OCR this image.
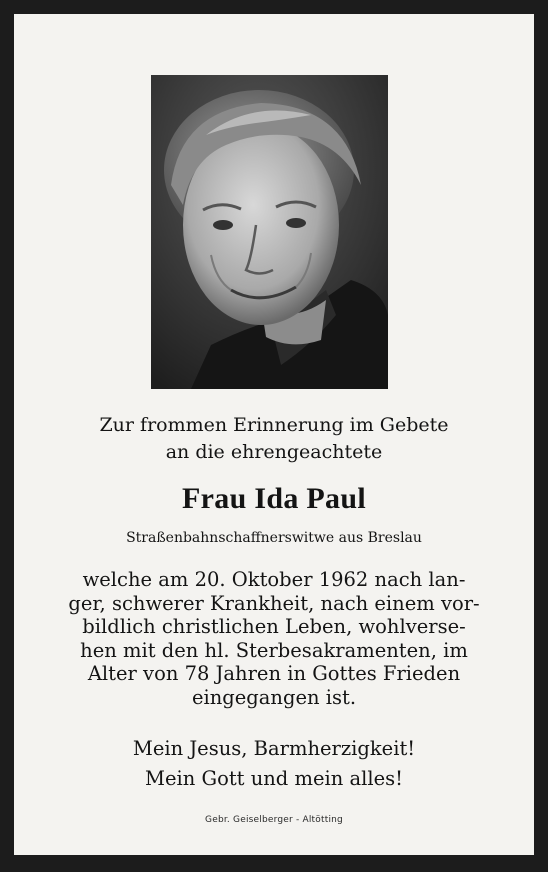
Zur frommen Erinnerung im Gebete
an die ehrengeachtete
Frau Ida Paul
Straßenbahnschaffnerswitwe aus Breslau
welche am 20. Oktober 1962 nach lan-
ger, schwerer Krankheit, nach einem vor-
bildlich christlichen Leben, wohlverse-
hen mit den hl. Sterbesakramenten, im
Alter von 78 Jahren in Gottes Frieden
eingegangen ist.
Mein Jesus, Barmherzigkeit!
Mein Gott und mein alles!
Gebr. Geiselberger - Altötting
